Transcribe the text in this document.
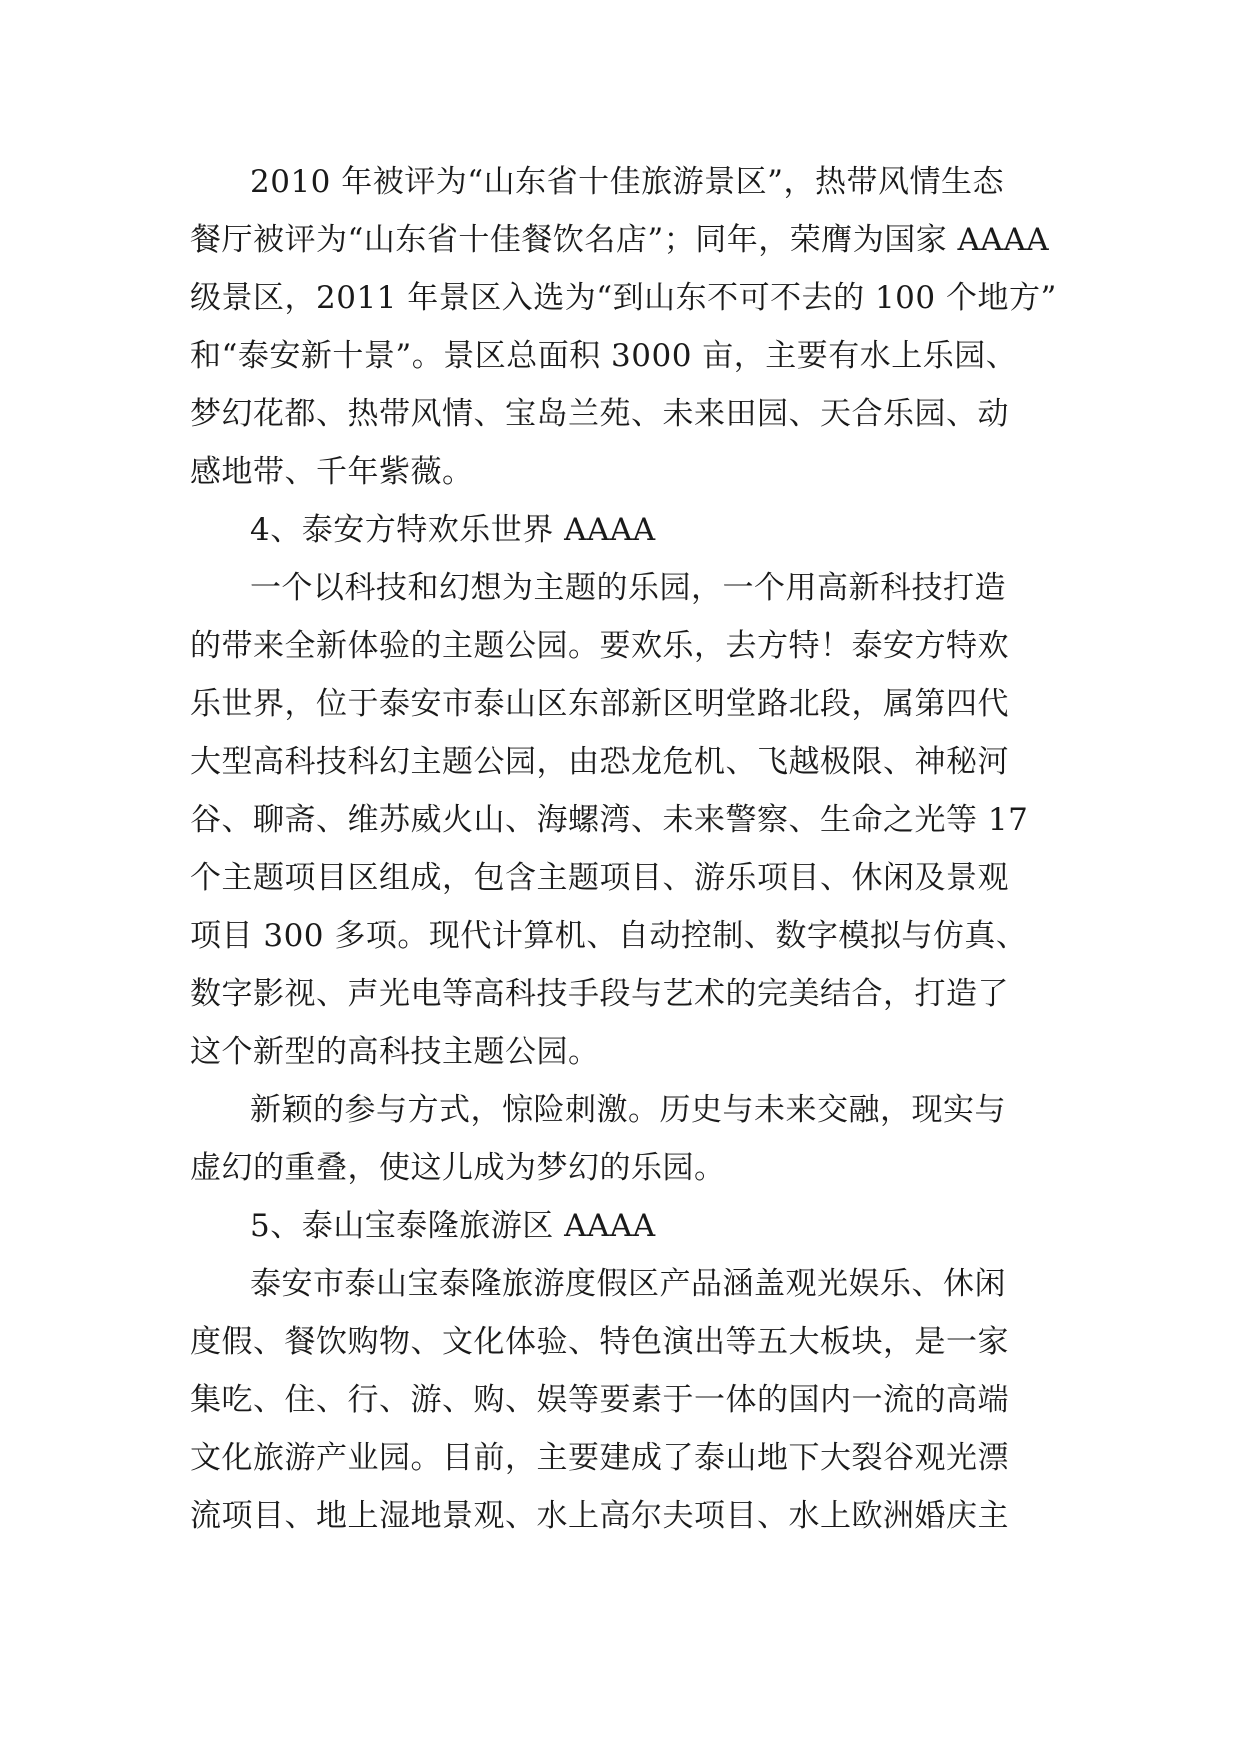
2010 年被评为“山东省十佳旅游景区”，热带风情生态
餐厅被评为“山东省十佳餐饮名店”；同年，荣膺为国家 AAAA
级景区，2011 年景区入选为“到山东不可不去的 100 个地方”
和“泰安新十景”。景区总面积 3000 亩，主要有水上乐园、
梦幻花都、热带风情、宝岛兰苑、未来田园、天合乐园、动
感地带、千年紫薇。
4、泰安方特欢乐世界 AAAA
一个以科技和幻想为主题的乐园，一个用高新科技打造
的带来全新体验的主题公园。要欢乐，去方特！泰安方特欢
乐世界，位于泰安市泰山区东部新区明堂路北段，属第四代
大型高科技科幻主题公园，由恐龙危机、飞越极限、神秘河
谷、聊斋、维苏威火山、海螺湾、未来警察、生命之光等 17
个主题项目区组成，包含主题项目、游乐项目、休闲及景观
项目 300 多项。现代计算机、自动控制、数字模拟与仿真、
数字影视、声光电等高科技手段与艺术的完美结合，打造了
这个新型的高科技主题公园。
新颖的参与方式，惊险刺激。历史与未来交融，现实与
虚幻的重叠，使这儿成为梦幻的乐园。
5、泰山宝泰隆旅游区 AAAA
泰安市泰山宝泰隆旅游度假区产品涵盖观光娱乐、休闲
度假、餐饮购物、文化体验、特色演出等五大板块，是一家
集吃、住、行、游、购、娱等要素于一体的国内一流的高端
文化旅游产业园。目前，主要建成了泰山地下大裂谷观光漂
流项目、地上湿地景观、水上高尔夫项目、水上欧洲婚庆主
